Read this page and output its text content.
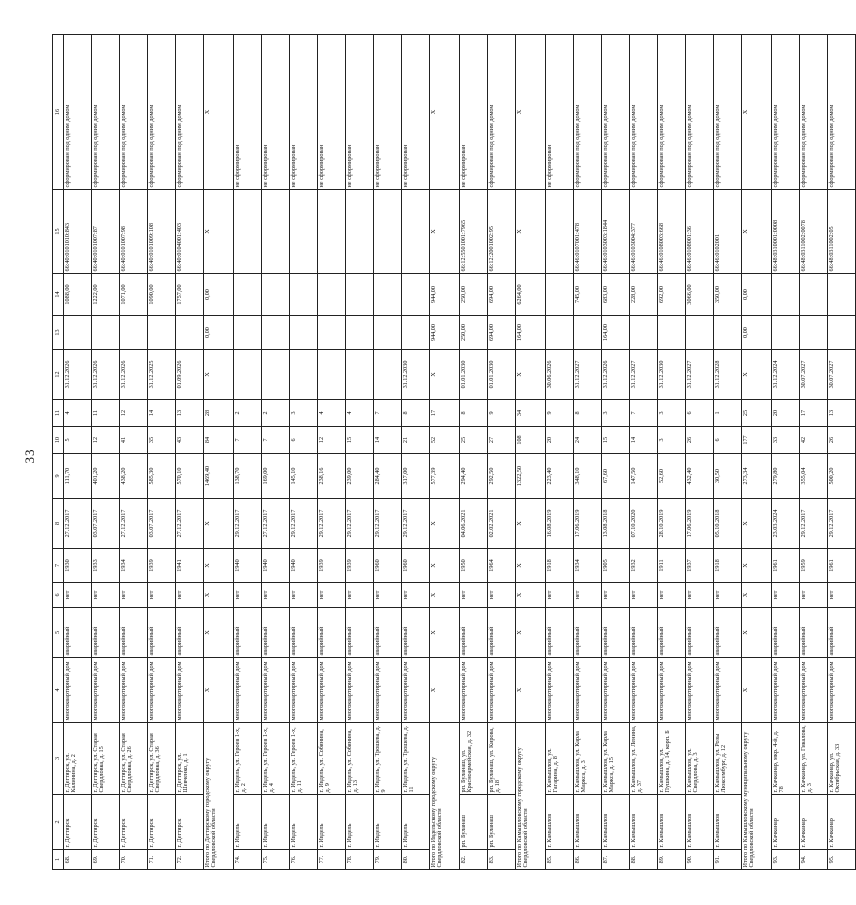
33
1	2	3	4	5	6	7	8	9	10	11	12	13	14	15	16
68.	г. Дегтярск	г. Дегтярск, ул. Калинина, д. 2	многоквартирный дом	аварийный	нет	1930	27.12.2017	111,70	5	4	31.12.2026		1088,00	66:40:0101010:843	сформирован под одним домом
69.	г. Дегтярск	г. Дегтярск, ул. Старая Свердловка, д. 15	многоквартирный дом	аварийный	нет	1933	03.07.2017	401,20	12	11	31.12.2026		1222,00	66:40:0101007:87	сформирован под одним домом
70.	г. Дегтярск	г. Дегтярск, ул. Старая Свердловка, д. 26	многоквартирный дом	аварийный	нет	1934	27.12.2017	438,20	41	12	31.12.2026		1071,00	66:40:0101007:98	сформирован под одним домом
71.	г. Дегтярск	г. Дегтярск, ул. Старая Свердловка, д. 36	многоквартирный дом	аварийный	нет	1939	03.07.2017	585,30	35	14	31.12.2025		1090,00	66:40:0101009:108	сформирован под одним домом
72.	г. Дегтярск	г. Дегтярск, ул. Шевченко, д. 1	многоквартирный дом	аварийный	нет	1941	27.12.2017	570,10	43	13	01.09.2026		1757,00	66:40:0104001:403	сформирован под одним домом
Итого по Дегтярскому городскому округу Свердловской области			X	X	X	X	X	1469,40	84	28	X	0,00	0,00	X	X
74.	г. Ивдель	г. Ивдель, ул. Героев 1-х, д. 2	многоквартирный дом	аварийный	нет	1940	29.12.2017	138,70	7	2					не сформирован
75.	г. Ивдель	г. Ивдель, ул. Героев 1-х, д. 4	многоквартирный дом	аварийный	нет	1940	27.12.2017	169,00	7	2					не сформирован
76.	г. Ивдель	г. Ивдель, ул. Героев 1-х, д. 11	многоквартирный дом	аварийный	нет	1940	29.12.2017	145,10	6	3					не сформирован
77.	г. Ивдель	г. Ивдель, ул. Собянина, д. 9	многоквартирный дом	аварийный	нет	1939	29.12.2017	238,16	12	4					не сформирован
78.	г. Ивдель	г. Ивдель, ул. Собянина, д. 13	многоквартирный дом	аварийный	нет	1939	29.12.2017	239,00	15	4					не сформирован
79.	г. Ивдель	г. Ивдель, ул. Трошева, д. 9	многоквартирный дом	аварийный	нет	1960	29.12.2017	284,40	14	7					не сформирован
80.	г. Ивдель	г. Ивдель, ул. Трошева, д. 11	многоквартирный дом	аварийный	нет	1960	29.12.2017	317,00	21	8	31.12.2030				не сформирован
Итого по Ивдельскому городскому округу Свердловской области			X	X	X	X	X	577,39	52	17	X	944,00	944,00	X	X
82.	рп. Буланаш	рп. Буланаш, ул. Красноармейская, д. 32	многоквартирный дом	аварийный	нет	1950	04.06.2021	294,40	25	8	01.01.2030	250,00	250,00	66:12:5501001:7965	не сформирован
83.	рп. Буланаш	рп. Буланаш, ул. Кирова, д. 18	многоквартирный дом	аварийный	нет	1964	02.02.2021	292,50	27	9	01.01.2030	694,00	694,00	66:12:2001002:95	сформирован под одним домом
Итого по Камышловскому городскому округу Свердловской области			X	X	X	X	X	1322,50	108	34	X	164,00	6264,00	X	X
85.	г. Камышлов	г. Камышлов, ул. Гагарина, д. 8	многоквартирный дом	аварийный	нет	1918	16.08.2019	223,40	20	9	30.06.2026				не сформирован
86.	г. Камышлов	г. Камышлов, ул. Карла Маркса, д. 3	многоквартирный дом	аварийный	нет	1934	17.06.2019	348,10	24	8	31.12.2027		745,00	66:46:0107001:478	сформирован под одним домом
87.	г. Камышлов	г. Камышлов, ул. Карла Маркса, д. 15	многоквартирный дом	аварийный	нет	1905	13.08.2018	67,60	15	3	31.12.2026	164,00	683,00	66:46:0103003:1844	сформирован под одним домом
88.	г. Камышлов	г. Камышлов, ул. Ленина, д. 37	многоквартирный дом	аварийный	нет	1932	07.10.2020	147,50	14	7	31.12.2027		228,00	66:46:0103004:377	сформирован под одним домом
89.	г. Камышлов	г. Камышлов, ул. Пушкина, д. 14, корп. Б	многоквартирный дом	аварийный	нет	1911	28.10.2019	52,60	3	3	31.12.2030		692,00	66:46:0108003:668	сформирован под одним домом
90.	г. Камышлов	г. Камышлов, ул. Свердлова, д. 3	многоквартирный дом	аварийный	нет	1937	17.06.2019	432,40	26	6	31.12.2027		3066,00	66:46:0108001:36	сформирован под одним домом
91.	г. Камышлов	г. Камышлов, ул. Розы Люксембург, д. 12	многоквартирный дом	аварийный	нет	1918	05.10.2018	30,50	6	1	31.12.2028		350,00	66:46:0102001	сформирован под одним домом
Итого по Камышловскому муниципальному округу Свердловской области			X	X	X	X	X	273,34	177	25	X	0,00	0,00	X	X
93.	г. Качканар	г. Качканар, мкр. 4-й, д. 78	многоквартирный дом	аварийный	нет	1961	23.03.2024	279,80	33	20	31.12.2024			66:48:0310001:0008	сформирован под одним домом
94.	г. Качканар	г. Качканар, ул. Гикалова, д. 3	многоквартирный дом	аварийный	нет	1959	29.12.2017	355,04	42	17	30.07.2027			66:48:0311002:0078	сформирован под одним домом
95.	г. Качканар	г. Качканар, ул. Октябрьская, д. 33	многоквартирный дом	аварийный	нет	1961	29.12.2017	500,20	26	13	30.07.2027			66:48:0311002:05	сформирован под одним домом
